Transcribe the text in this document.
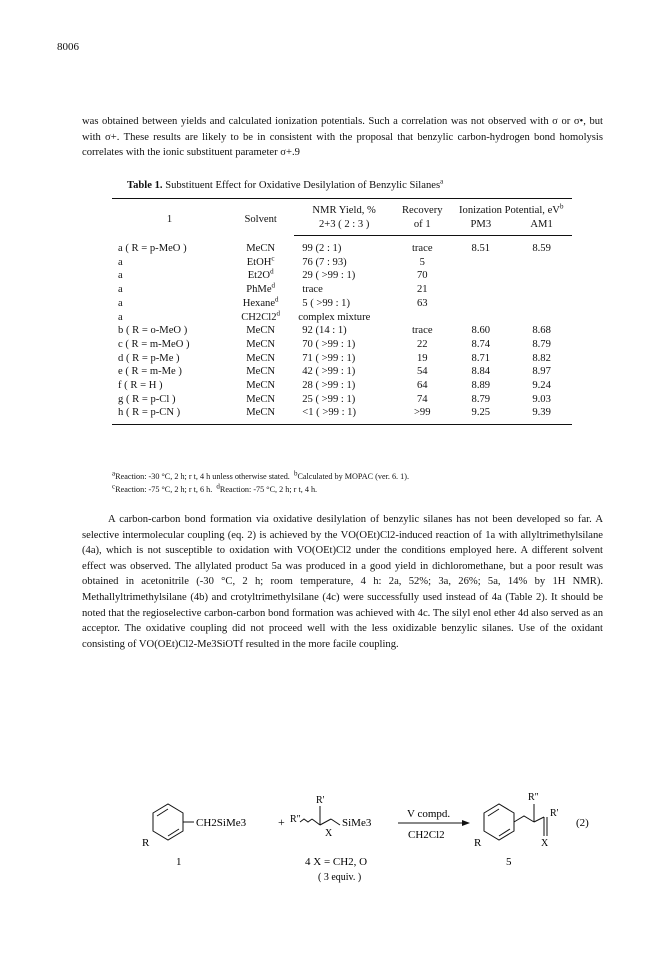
8006

was obtained between yields and calculated ionization potentials. Such a correlation was not observed with σ or σ•, but with σ+. These results are likely to be in consistent with the proposal that benzylic carbon-hydrogen bond homolysis correlates with the ionic substituent parameter σ+.9

Table 1. Substituent Effect for Oxidative Desilylation of Benzylic Silanes$^a$
1	Solvent	NMR Yield, %	Recovery	Ionization Potential, $eV^b$
		2+3 ( 2 : 3 )	of 1	PM3	AM1
a ( R = p-MeO )	MeCN	99 (2 : 1)	trace	8.51	8.59
a	EtOH$^c$	76 (7 : 93)	5		
a	$Et2O^d$	29 ( >99 : 1)	70		
a	PhMe$^d$	trace	21		
a	Hexane$^d$	5 ( >99 : 1)	63		
a	CH2Cl2$^d$	complex mixture			
b ( R = o-MeO )	MeCN	92 (14 : 1)	trace	8.60	8.68
c ( R = m-MeO )	MeCN	70 ( >99 : 1)	22	8.74	8.79
d ( R = p-Me )	MeCN	71 ( >99 : 1)	19	8.71	8.82
e ( R = m-Me )	MeCN	42 ( >99 : 1)	54	8.84	8.97
f ( R = H )	MeCN	28 ( >99 : 1)	64	8.89	9.24
g ( R = p-Cl )	MeCN	25 ( >99 : 1)	74	8.79	9.03
h ( R = p-CN )	MeCN	<1 ( >99 : 1)	>99	9.25	9.39
$^a$Reaction: -30 °C, 2 h; r t, 4 h unless otherwise stated. $^b$Calculated by MOPAC (ver. 6. 1).
$^c$Reaction: -75 °C, 2 h; r t, 6 h. $^d$Reaction: -75 °C, 2 h; r t, 4 h.

A carbon-carbon bond formation via oxidative desilylation of benzylic silanes has not been developed so far. A selective intermolecular coupling (eq. 2) is achieved by the VO(OEt)Cl2-induced reaction of 1a with allyltrimethylsilane (4a), which is not susceptible to oxidation with VO(OEt)Cl2 under the conditions employed here. A different solvent effect was observed. The allylated product 5a was produced in a good yield in dichloromethane, but a poor result was obtained in acetonitrile (-30 °C, 2 h; room temperature, 4 h: 2a, 52%; 3a, 26%; 5a, 14% by 1H NMR). Methallyltrimethylsilane (4b) and crotyltrimethylsilane (4c) were successfully used instead of 4a (Table 2). It should be noted that the regioselective carbon-carbon bond formation was achieved with 4c. The silyl enol ether 4d also served as an acceptor. The oxidative coupling did not proceed well with the less oxidizable benzylic silanes. Use of the oxidant consisting of VO(OEt)Cl2-Me3SiOTf resulted in the more facile coupling.

CH2SiMe3
R
+ R"
R'
X
SiMe3
V compd.
CH2Cl2
R"
R'
X
R
(2)
1	4 X = CH2, O
( 3 equiv. )
5
